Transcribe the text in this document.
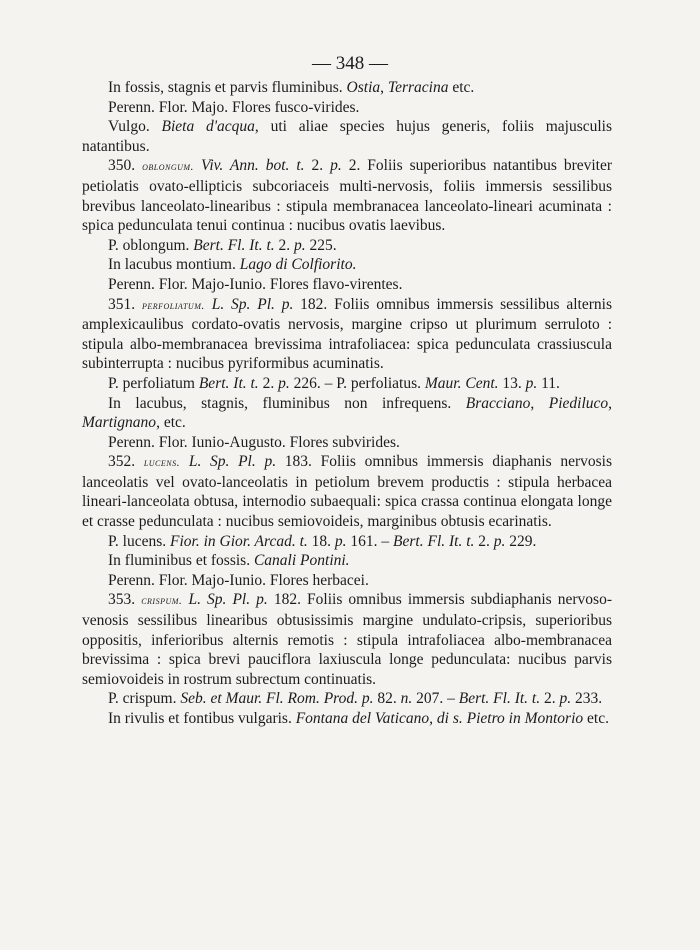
— 348 —

In fossis, stagnis et parvis fluminibus. Ostia, Terracina etc.

Perenn. Flor. Majo. Flores fusco-virides.

Vulgo. Bieta d'acqua, uti aliae species hujus generis, foliis majusculis natantibus.

350. oblongum. Viv. Ann. bot. t. 2. p. 2. Foliis superioribus natantibus breviter petiolatis ovato-ellipticis subcoriaceis multi-nervosis, foliis immersis sessilibus brevibus lanceolato-linearibus : stipula membranacea lanceolato-lineari acuminata : spica pedunculata tenui continua : nucibus ovatis laevibus.

P. oblongum. Bert. Fl. It. t. 2. p. 225.

In lacubus montium. Lago di Colfiorito.

Perenn. Flor. Majo-Iunio. Flores flavo-virentes.

351. perfoliatum. L. Sp. Pl. p. 182. Foliis omnibus immersis sessilibus alternis amplexicaulibus cordato-ovatis nervosis, margine cripso ut plurimum serruloto : stipula albo-membranacea brevissima intrafoliacea: spica pedunculata crassiuscula subinterrupta : nucibus pyriformibus acuminatis.

P. perfoliatum Bert. It. t. 2. p. 226. – P. perfoliatus. Maur. Cent. 13. p. 11.

In lacubus, stagnis, fluminibus non infrequens. Bracciano, Piediluco, Martignano, etc.

Perenn. Flor. Iunio-Augusto. Flores subvirides.

352. lucens. L. Sp. Pl. p. 183. Foliis omnibus immersis diaphanis nervosis lanceolatis vel ovato-lanceolatis in petiolum brevem productis : stipula herbacea lineari-lanceolata obtusa, internodio subaequali: spica crassa continua elongata longe et crasse pedunculata : nucibus semiovoideis, marginibus obtusis ecarinatis.

P. lucens. Fior. in Gior. Arcad. t. 18. p. 161. – Bert. Fl. It. t. 2. p. 229.

In fluminibus et fossis. Canali Pontini.

Perenn. Flor. Majo-Iunio. Flores herbacei.

353. crispum. L. Sp. Pl. p. 182. Foliis omnibus immersis subdiaphanis nervoso-venosis sessilibus linearibus obtusissimis margine undulato-cripsis, superioribus oppositis, inferioribus alternis remotis : stipula intrafoliacea albo-membranacea brevissima : spica brevi pauciflora laxiuscula longe pedunculata: nucibus parvis semiovoideis in rostrum subrectum continuatis.

P. crispum. Seb. et Maur. Fl. Rom. Prod. p. 82. n. 207. – Bert. Fl. It. t. 2. p. 233.

In rivulis et fontibus vulgaris. Fontana del Vaticano, di s. Pietro in Montorio etc.
